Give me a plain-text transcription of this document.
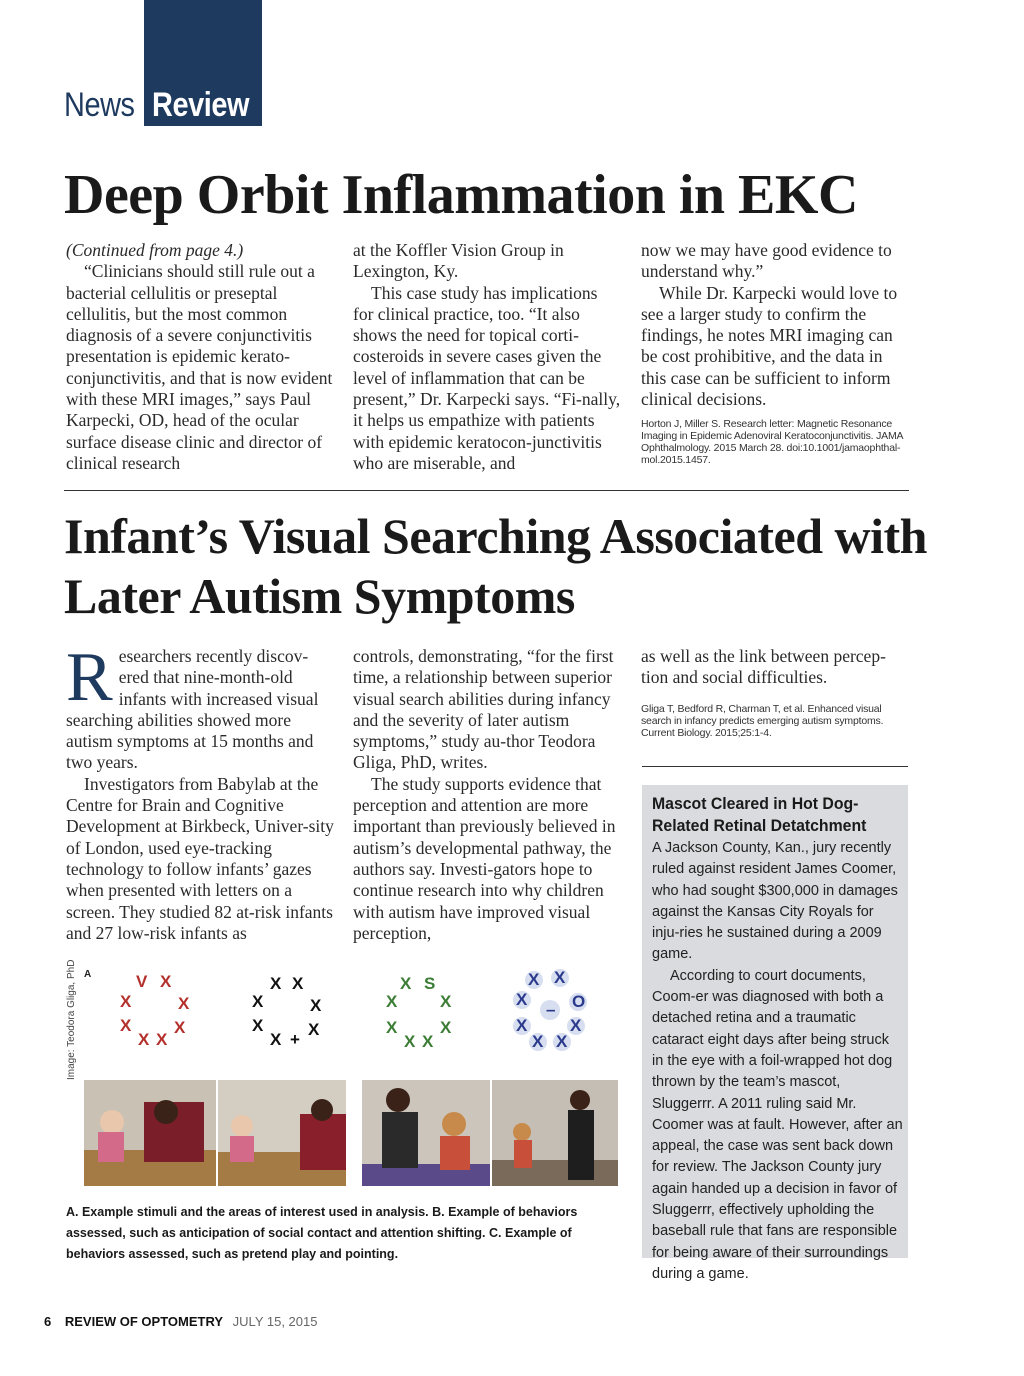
News Review
Deep Orbit Inflammation in EKC

(Continued from page 4.)

“Clinicians should still rule out a bacterial cellulitis or preseptal cellulitis, but the most common diagnosis of a severe conjunctivitis presentation is epidemic kerato-conjunctivitis, and that is now evident with these MRI images,” says Paul Karpecki, OD, head of the ocular surface disease clinic and director of clinical research

at the Koffler Vision Group in Lexington, Ky.

This case study has implications for clinical practice, too. “It also shows the need for topical corti-costeroids in severe cases given the level of inflammation that can be present,” Dr. Karpecki says. “Fi-nally, it helps us empathize with patients with epidemic keratocon-junctivitis who are miserable, and

now we may have good evidence to understand why.”

While Dr. Karpecki would love to see a larger study to confirm the findings, he notes MRI imaging can be cost prohibitive, and the data in this case can be sufficient to inform clinical decisions.

Horton J, Miller S. Research letter: Magnetic Resonance Imaging in Epidemic Adenoviral Keratoconjunctivitis. JAMA Ophthalmology. 2015 March 28. doi:10.1001/jamaophthal-mol.2015.1457.

Infant’s Visual Searching Associated with Later Autism Symptoms

Researchers recently discov-ered that nine-month-old infants with increased visual searching abilities showed more autism symptoms at 15 months and two years.

Investigators from Babylab at the Centre for Brain and Cognitive Development at Birkbeck, Univer-sity of London, used eye-tracking technology to follow infants’ gazes when presented with letters on a screen. They studied 82 at-risk infants and 27 low-risk infants as

controls, demonstrating, “for the first time, a relationship between superior visual search abilities during infancy and the severity of later autism symptoms,” study au-thor Teodora Gliga, PhD, writes.

The study supports evidence that perception and attention are more important than previously believed in autism’s developmental pathway, the authors say. Investi-gators hope to continue research into why children with autism have improved visual perception,

as well as the link between percep-tion and social difficulties.

Gliga T, Bedford R, Charman T, et al. Enhanced visual search in infancy predicts emerging autism symptoms. Current Biology. 2015;25:1-4.

Image: Teodora Gliga, PhD A	V X
X	X
X	X
X X
X X
X	X
X	X
X +
X S
X	X
X	X
X X
X X
X	O
–
X	X
X X
A. Example stimuli and the areas of interest used in analysis. B. Example of behaviors assessed, such as anticipation of social contact and attention shifting. C. Example of behaviors assessed, such as pretend play and pointing.
Mascot Cleared in Hot Dog-Related Retinal Detatchment

A Jackson County, Kan., jury recently ruled against resident James Coomer, who had sought $300,000 in damages against the Kansas City Royals for inju-ries he sustained during a 2009 game.

According to court documents, Coom-er was diagnosed with both a detached retina and a traumatic cataract eight days after being struck in the eye with a foil-wrapped hot dog thrown by the team’s mascot, Sluggerrr. A 2011 ruling said Mr. Coomer was at fault. However, after an appeal, the case was sent back down for review. The Jackson County jury again handed up a decision in favor of Sluggerrr, effectively upholding the baseball rule that fans are responsible for being aware of their surroundings during a game.

6 REVIEW OF OPTOMETRY JULY 15, 2015
